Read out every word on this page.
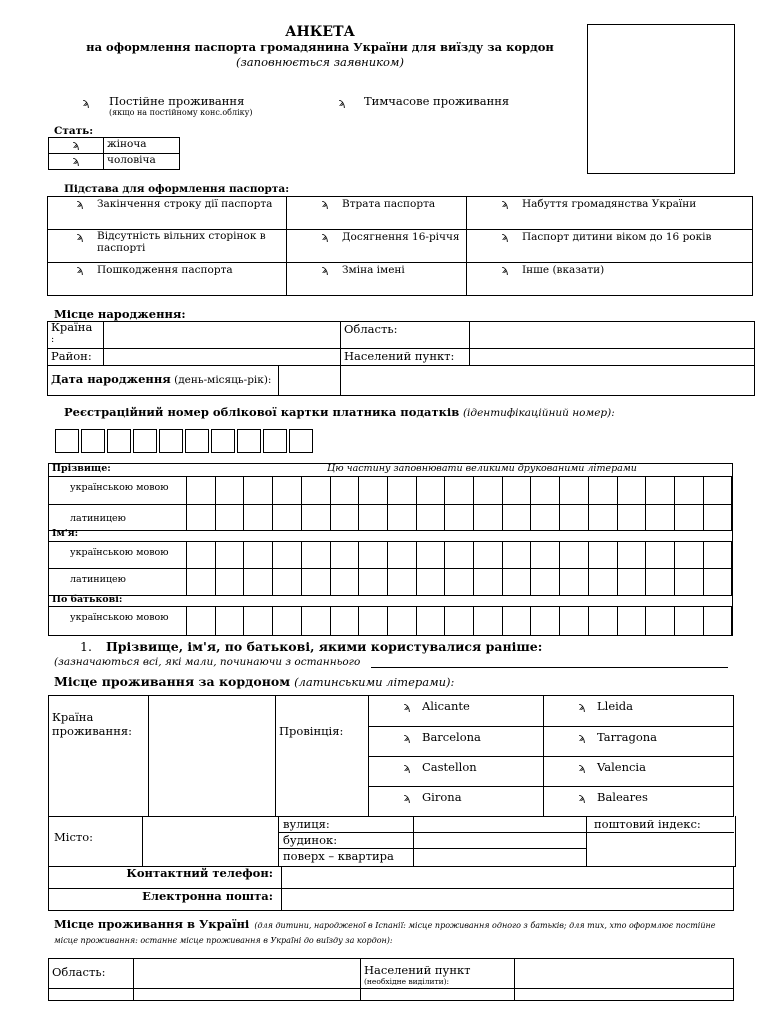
АНКЕТА
на оформлення паспорта громадянина України для виїзду за кордон
(заповнюється заявником)
ϡ	Постійне проживання
(якщо на постійному конс.обліку)
ϡ	Тимчасове проживання
Стать:
ϡ	жіноча
ϡ	чоловіча
Підстава для оформлення паспорта:
ϡ Закінчення строку дії паспорта	ϡ Втрата паспорта	ϡ Набуття громадянства України

ϡ Відсутність вільних сторінок в паспорті	ϡ Досягнення 16-річчя	ϡ Паспорт дитини віком до 16 років
ϡ Пошкодження паспорта	ϡ Зміна імені	ϡ Інше (вказати)
Місце народження:
Країна
:		Область:	
Район:		Населений пункт:	
Дата народження (день-місяць-рік):			
Реєстраційний номер облікової картки платника податків (ідентифікаційний номер):
Прізвище:	Цю частину заповнювати великими друкованими літерами
українською мовою
латиницею
Ім'я:
українською мовою
латиницею
По батькові:
українською мовою
1. Прізвище, ім'я, по батькові, якими користувалися раніше:
(зазначаються всі, які мали, починаючи з останнього
Місце проживання за кордоном (латинськими літерами):
Країна проживання:		Провінція:	
ϡ Alicante	ϡ Lleida
ϡ Barcelona	ϡ Tarragona
ϡ Castellon	ϡ Valencia
ϡ Girona	ϡ Baleares
Місто:
вулиця:
будинок:
поверх – квартира
поштовий індекс:
Контактний телефон:	
Електронна пошта:	
Місце проживання в Україні (для дитини, народженої в Іспанії: місце проживання одного з батьків; для тих, хто оформлює постійне місце проживання: останнє місце проживання в Україні до виїзду за кордон):
Область:		Населений пункт
(необхідне виділити):	
